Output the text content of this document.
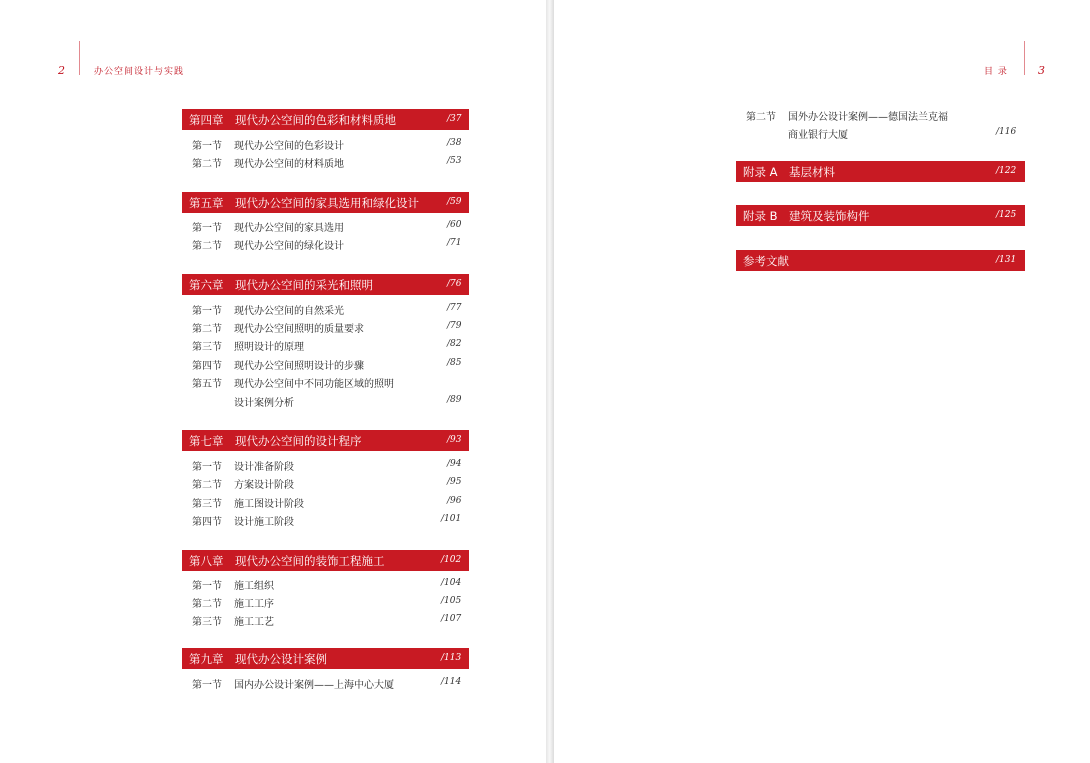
2	办公空间设计与实践
第四章　 现代办公空间的色彩和材料质地	/37
第一节 现代办公空间的色彩设计	/38
第二节 现代办公空间的材料质地	/53
第五章　 现代办公空间的家具选用和绿化设计	/59
第一节 现代办公空间的家具选用	/60
第二节 现代办公空间的绿化设计	/71
第六章　 现代办公空间的采光和照明	/76
第一节 现代办公空间的自然采光	/77
第二节 现代办公空间照明的质量要求	/79
第三节 照明设计的原理	/82
第四节 现代办公空间照明设计的步骤	/85
第五节 现代办公空间中不同功能区域的照明
设计案例分析	/89
第七章　 现代办公空间的设计程序	/93
第一节 设计准备阶段	/94
第二节 方案设计阶段	/95
第三节 施工图设计阶段	/96
第四节 设计施工阶段	/101
第八章　 现代办公空间的装饰工程施工	/102
第一节 施工组织	/104
第二节 施工工序	/105
第三节 施工工艺	/107
第九章　 现代办公设计案例	/113
第一节 国内办公设计案例——上海中心大厦	/114
目 录	3
第二节 国外办公设计案例——德国法兰克福
商业银行大厦	/116
附录 A　基层材料	/122
附录 B　建筑及装饰构件	/125
参考文献	/131
